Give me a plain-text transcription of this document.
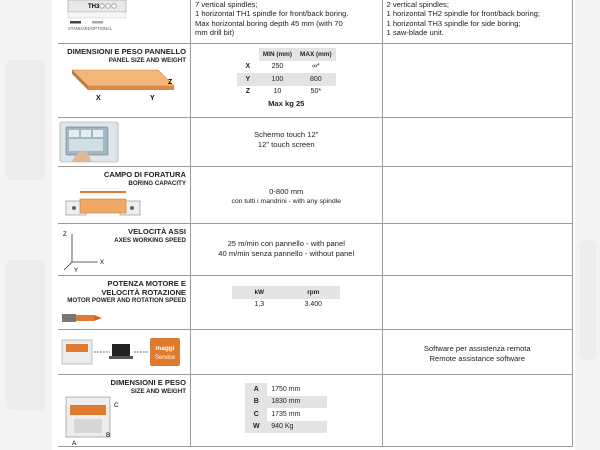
TH3
STANDARD OPTIONAL
7 vertical spindles;
1 horizontal TH1 spindle for front/back boring.
Max horizontal boring depth 45 mm (with 70
mm drill bit)
2 vertical spindles;
1 horizontal TH2 spindle for front/back boring;
1 horizontal TH3 spindle for side boring;
1 saw-blade unit.
DIMENSIONI E PESO PANNELLO
PANEL SIZE AND WEIGHT
X	Y
Z
	MIN (mm)	MAX (mm)
X	250	∞*
Y	100	800
Z	10	50*
Max kg 25
Schermo touch 12"
12" touch screen
CAMPO DI FORATURA
BORING CAPACITY
0-800 mm
con tutti i mandrini - with any spindle
VELOCITÀ ASSI
AXES WORKING SPEED
Z
X
Y
25 m/min con pannello - with panel
40 m/min senza pannello - without panel
POTENZA MOTORE E
VELOCITÀ ROTAZIONE
MOTOR POWER AND ROTATION SPEED
kW	rpm
1,3	3.400
maggi
Service
Software per assistenza remota
Remote assistance software
DIMENSIONI E PESO
SIZE AND WEIGHT
C
B
A
A	1750 mm
B	1830 mm
C	1735 mm
W	940 Kg
